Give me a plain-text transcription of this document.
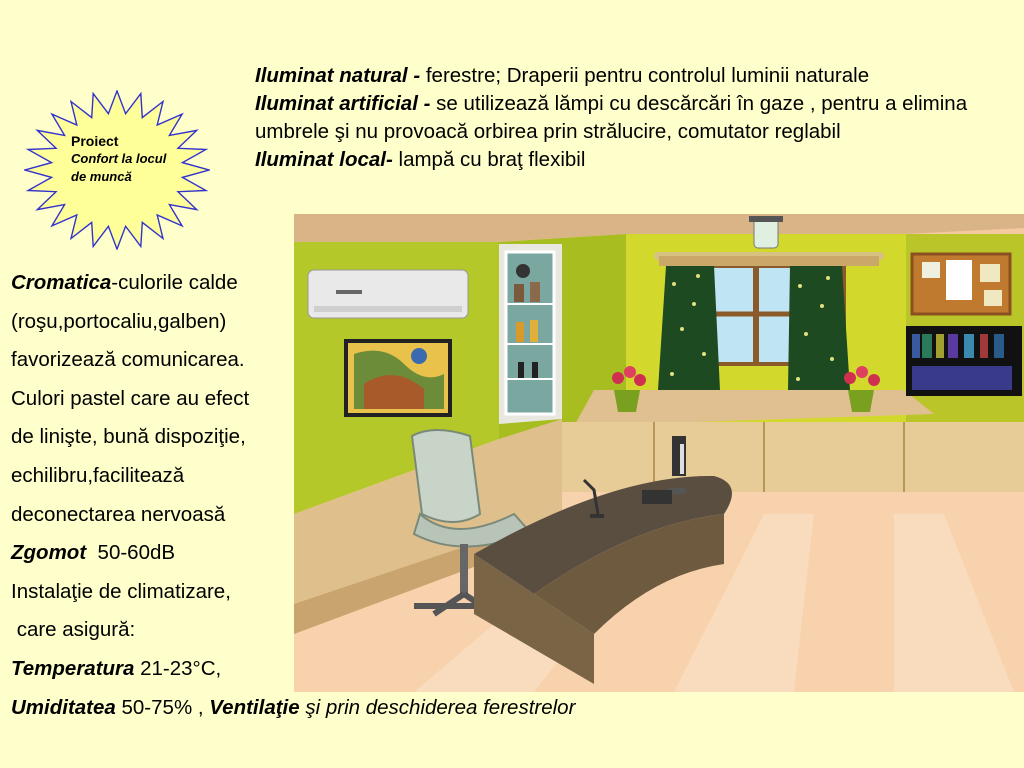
Proiect
Confort la locul de muncă
Iluminat natural - ferestre; Draperii pentru controlul luminii naturale
Iluminat artificial - se utilizează lămpi cu descărcări în gaze , pentru a elimina umbrele şi nu provoacă orbirea prin strălucire, comutator reglabil
Iluminat local- lampă cu braţ flexibil
Cromatica-culorile calde
(roşu,portocaliu,galben)
favorizează comunicarea.
Culori pastel care au efect
de linişte, bună dispoziţie,
echilibru,facilitează
deconectarea nervoasă
Zgomot  50-60dB
Instalaţie de climatizare,
care asigură:
Temperatura 21-23°C,
Umiditatea 50-75% , Ventilaţie şi prin deschiderea ferestrelor
